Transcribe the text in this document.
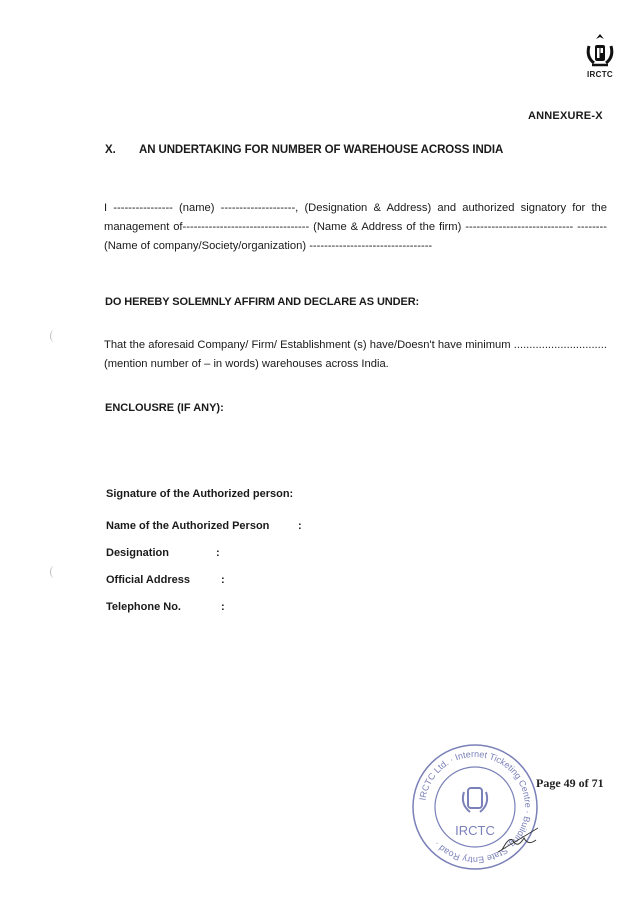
IRCTC
ANNEXURE-X
X. AN UNDERTAKING FOR NUMBER OF WAREHOUSE ACROSS INDIA
I ---------------- (name) --------------------, (Designation & Address) and authorized signatory for the management of---------------------------------- (Name & Address of the firm) ----------------------------- -------- (Name of company/Society/organization) ---------------------------------
DO HEREBY SOLEMNLY AFFIRM AND DECLARE AS UNDER:
That the aforesaid Company/ Firm/ Establishment (s) have/Doesn't have minimum ..............................(mention number of – in words) warehouses across India.
ENCLOUSRE (IF ANY):
Signature of the Authorized person:
Name of the Authorized Person	:
Designation	:
Official Address	:
Telephone No.	:
IRCTC Ltd. · Internet Ticketing Centre · Building, State Entry Road ·
IRCTC
Page 49 of 71
